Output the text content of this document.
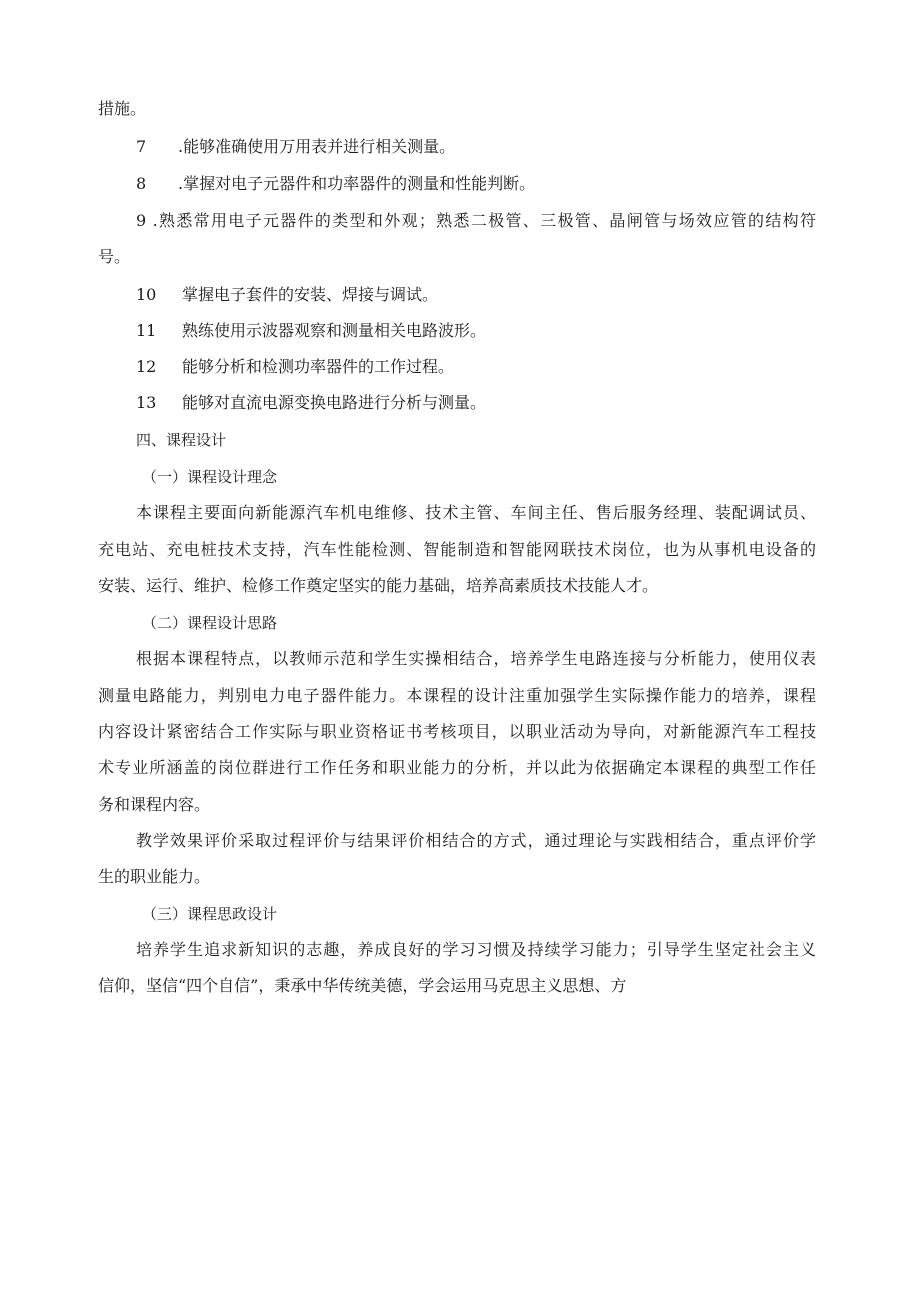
措施。

7 .能够准确使用万用表并进行相关测量。
8 .掌握对电子元器件和功率器件的测量和性能判断。

9 .熟悉常用电子元器件的类型和外观；熟悉二极管、三极管、晶闸管与场效应管的结构符

号。

10 掌握电子套件的安装、焊接与调试。
11 熟练使用示波器观察和测量相关电路波形。
12 能够分析和检测功率器件的工作过程。
13 能够对直流电源变换电路进行分析与测量。

四、课程设计

（一）课程设计理念

本课程主要面向新能源汽车机电维修、技术主管、车间主任、售后服务经理、装配调试员、

充电站、充电桩技术支持，汽车性能检测、智能制造和智能网联技术岗位，也为从事机电设备的

安装、运行、维护、检修工作奠定坚实的能力基础，培养高素质技术技能人才。

（二）课程设计思路

根据本课程特点，以教师示范和学生实操相结合，培养学生电路连接与分析能力，使用仪表

测量电路能力，判别电力电子器件能力。本课程的设计注重加强学生实际操作能力的培养，课程

内容设计紧密结合工作实际与职业资格证书考核项目，以职业活动为导向，对新能源汽车工程技

术专业所涵盖的岗位群进行工作任务和职业能力的分析，并以此为依据确定本课程的典型工作任

务和课程内容。

教学效果评价采取过程评价与结果评价相结合的方式，通过理论与实践相结合，重点评价学

生的职业能力。

（三）课程思政设计

培养学生追求新知识的志趣，养成良好的学习习惯及持续学习能力；引导学生坚定社会主义

信仰，坚信“四个自信”，秉承中华传统美德，学会运用马克思主义思想、方
